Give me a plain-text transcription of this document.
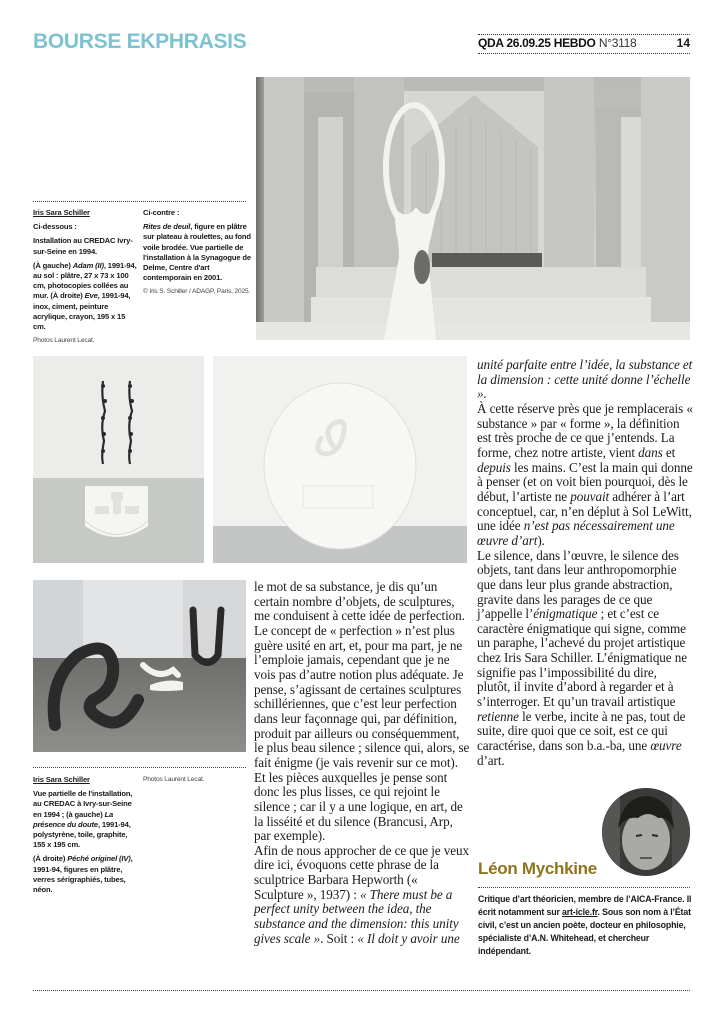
BOURSE EKPHRASIS	QDA 26.09.25 HEBDO N°3118	14

Iris Sara Schiller

Ci-dessous :

Installation au CREDAC Ivry-sur-Seine en 1994.

(À gauche) Adam (II), 1991-94, au sol : plâtre, 27 x 73 x 100 cm, photocopies collées au mur. (À droite) Eve, 1991-94, inox, ciment, peinture acrylique, crayon, 195 x 15 cm.

Photos Laurent Lecat.

Ci-contre :

Rites de deuil, figure en plâtre sur plateau à roulettes, au fond voile brodée. Vue partielle de l'installation à la Synagogue de Delme, Centre d'art contemporain en 2001.

© Iris S. Schiller / ADAGP, Paris, 2025.

Iris Sara Schiller

Vue partielle de l'installation, au CREDAC à Ivry-sur-Seine en 1994 ; (à gauche) La présence du doute, 1991-94, polystyrène, toile, graphite, 155 x 195 cm.

(À droite) Péché originel (IV), 1991-94, figures en plâtre, verres sérigraphiés, tubes, néon.

Photos Laurent Lecat.

le mot de sa substance, je dis qu’un certain nombre d’objets, de sculptures, me conduisent à cette idée de perfection. Le concept de « perfection » n’est plus guère usité en art, et, pour ma part, je ne l’emploie jamais, cependant que je ne vois pas d’autre notion plus adéquate. Je pense, s’agissant de certaines sculptures schillériennes, que c’est leur perfection dans leur façonnage qui, par définition, produit par ailleurs ou conséquemment, le plus beau silence ; silence qui, alors, se fait énigme (je vais revenir sur ce mot). Et les pièces auxquelles je pense sont donc les plus lisses, ce qui rejoint le silence ; car il y a une logique, en art, de la lisséité et du silence (Brancusi, Arp, par exemple).

Afin de nous approcher de ce que je veux dire ici, évoquons cette phrase de la sculptrice Barbara Hepworth (« Sculpture », 1937) : « There must be a perfect unity between the idea, the substance and the dimension: this unity gives scale ». Soit : « Il doit y avoir une

unité parfaite entre l’idée, la substance et la dimension : cette unité donne l’échelle ».

À cette réserve près que je remplacerais « substance » par « forme », la définition est très proche de ce que j’entends. La forme, chez notre artiste, vient dans et depuis les mains. C’est la main qui donne à penser (et on voit bien pourquoi, dès le début, l’artiste ne pouvait adhérer à l’art conceptuel, car, n’en déplut à Sol LeWitt, une idée n’est pas nécessairement une œuvre d’art).

Le silence, dans l’œuvre, le silence des objets, tant dans leur anthropomorphie que dans leur plus grande abstraction, gravite dans les parages de ce que j’appelle l’énigmatique ; et c’est ce caractère énigmatique qui signe, comme un paraphe, l’achevé du projet artistique chez Iris Sara Schiller. L’énigmatique ne signifie pas l’impossibilité du dire, plutôt, il invite d’abord à regarder et à s’interroger. Et qu’un travail artistique retienne le verbe, incite à ne pas, tout de suite, dire quoi que ce soit, est ce qui caractérise, dans son b.a.-ba, une œuvre d’art.

Léon Mychkine
Critique d’art théoricien, membre de l’AICA-France. Il écrit notamment sur art-icle.fr. Sous son nom à l’État civil, c’est un ancien poète, docteur en philosophie, spécialiste d’A.N. Whitehead, et chercheur indépendant.
